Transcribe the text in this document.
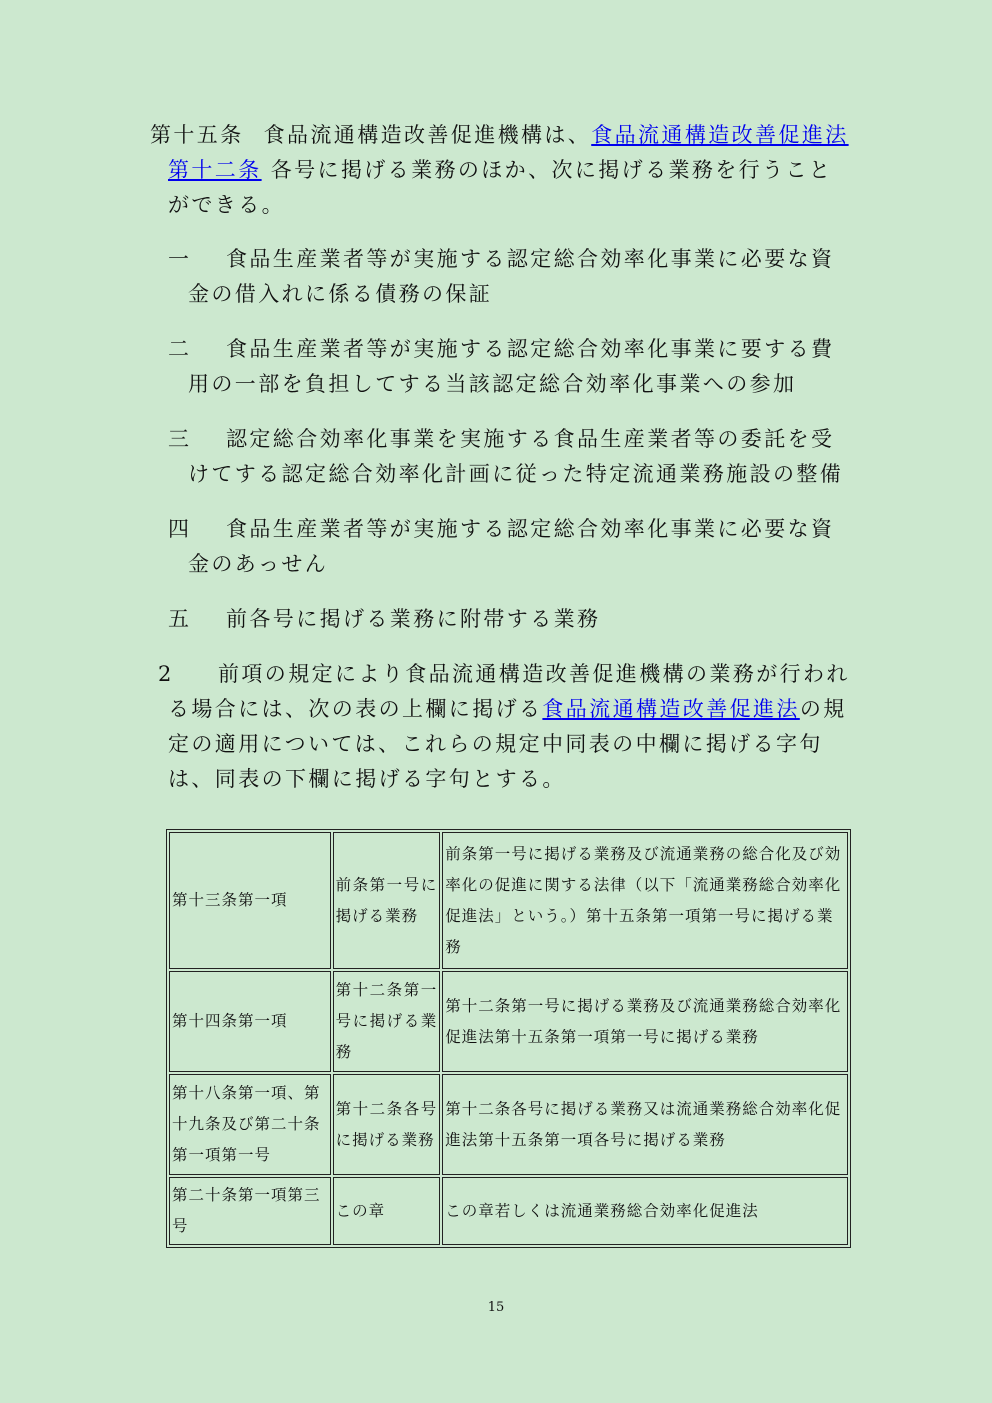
第十五条 食品流通構造改善促進機構は、食品流通構造改善促進法第十二条 各号に掲げる業務のほか、次に掲げる業務を行うことができる。
一 食品生産業者等が実施する認定総合効率化事業に必要な資金の借入れに係る債務の保証
二 食品生産業者等が実施する認定総合効率化事業に要する費用の一部を負担してする当該認定総合効率化事業への参加
三 認定総合効率化事業を実施する食品生産業者等の委託を受けてする認定総合効率化計画に従った特定流通業務施設の整備
四 食品生産業者等が実施する認定総合効率化事業に必要な資金のあっせん
五 前各号に掲げる業務に附帯する業務
2 前項の規定により食品流通構造改善促進機構の業務が行われる場合には、次の表の上欄に掲げる食品流通構造改善促進法の規定の適用については、これらの規定中同表の中欄に掲げる字句は、同表の下欄に掲げる字句とする。
第十三条第一項	前条第一号に掲げる業務	前条第一号に掲げる業務及び流通業務の総合化及び効率化の促進に関する法律（以下「流通業務総合効率化促進法」という。）第十五条第一項第一号に掲げる業務
第十四条第一項	第十二条第一号に掲げる業務	第十二条第一号に掲げる業務及び流通業務総合効率化促進法第十五条第一項第一号に掲げる業務
第十八条第一項、第十九条及び第二十条第一項第一号	第十二条各号に掲げる業務	第十二条各号に掲げる業務又は流通業務総合効率化促進法第十五条第一項各号に掲げる業務
第二十条第一項第三号	この章	この章若しくは流通業務総合効率化促進法
15
